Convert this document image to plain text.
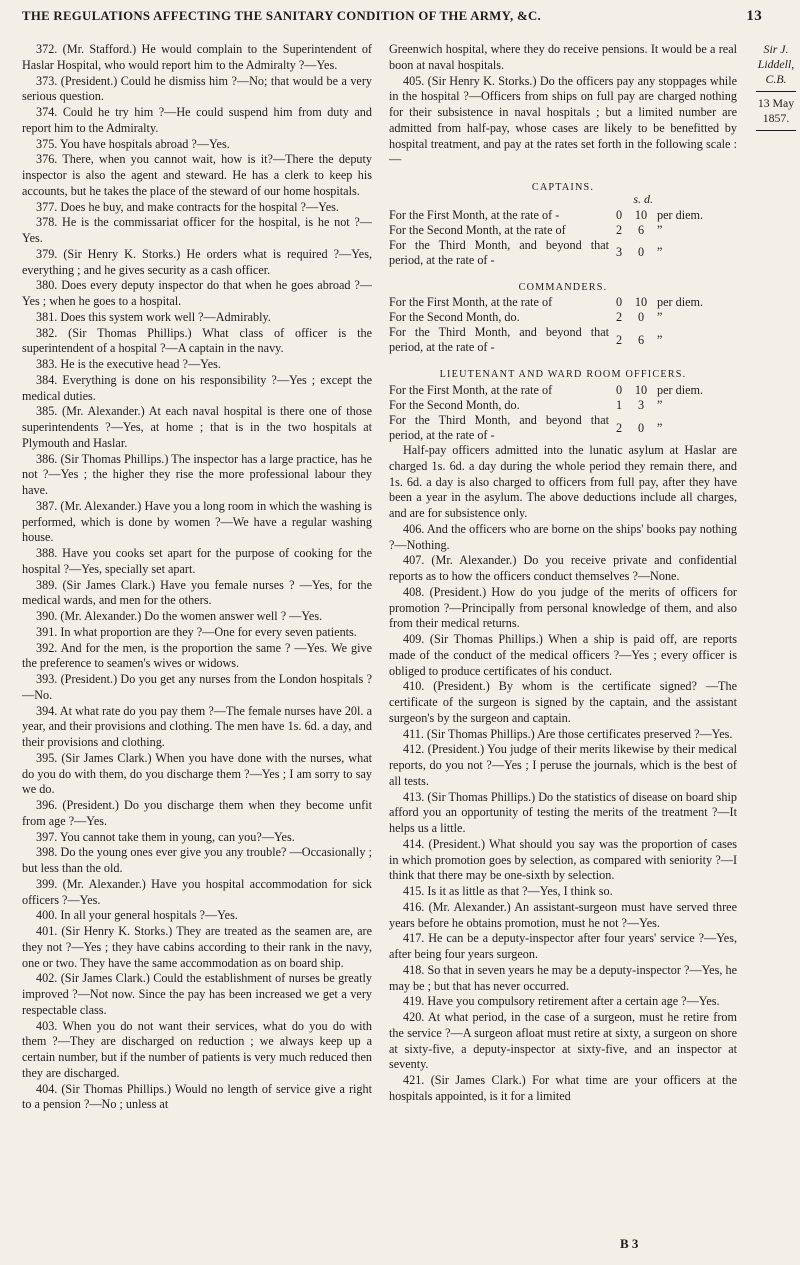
THE REGULATIONS AFFECTING THE SANITARY CONDITION OF THE ARMY, &C.	13

372. (Mr. Stafford.) He would complain to the Superintendent of Haslar Hospital, who would report him to the Admiralty ?—Yes.

373. (President.) Could he dismiss him ?—No; that would be a very serious question.

374. Could he try him ?—He could suspend him from duty and report him to the Admiralty.

375. You have hospitals abroad ?—Yes.

376. There, when you cannot wait, how is it?—There the deputy inspector is also the agent and steward. He has a clerk to keep his accounts, but he takes the place of the steward of our home hospitals.

377. Does he buy, and make contracts for the hospital ?—Yes.

378. He is the commissariat officer for the hospital, is he not ?—Yes.

379. (Sir Henry K. Storks.) He orders what is required ?—Yes, everything ; and he gives security as a cash officer.

380. Does every deputy inspector do that when he goes abroad ?—Yes ; when he goes to a hospital.

381. Does this system work well ?—Admirably.

382. (Sir Thomas Phillips.) What class of officer is the superintendent of a hospital ?—A captain in the navy.

383. He is the executive head ?—Yes.

384. Everything is done on his responsibility ?—Yes ; except the medical duties.

385. (Mr. Alexander.) At each naval hospital is there one of those superintendents ?—Yes, at home ; that is in the two hospitals at Plymouth and Haslar.

386. (Sir Thomas Phillips.) The inspector has a large practice, has he not ?—Yes ; the higher they rise the more professional labour they have.

387. (Mr. Alexander.) Have you a long room in which the washing is performed, which is done by women ?—We have a regular washing house.

388. Have you cooks set apart for the purpose of cooking for the hospital ?—Yes, specially set apart.

389. (Sir James Clark.) Have you female nurses ? —Yes, for the medical wards, and men for the others.

390. (Mr. Alexander.) Do the women answer well ? —Yes.

391. In what proportion are they ?—One for every seven patients.

392. And for the men, is the proportion the same ? —Yes. We give the preference to seamen's wives or widows.

393. (President.) Do you get any nurses from the London hospitals ?—No.

394. At what rate do you pay them ?—The female nurses have 20l. a year, and their provisions and clothing. The men have 1s. 6d. a day, and their provisions and clothing.

395. (Sir James Clark.) When you have done with the nurses, what do you do with them, do you discharge them ?—Yes ; I am sorry to say we do.

396. (President.) Do you discharge them when they become unfit from age ?—Yes.

397. You cannot take them in young, can you?—Yes.

398. Do the young ones ever give you any trouble? —Occasionally ; but less than the old.

399. (Mr. Alexander.) Have you hospital accommodation for sick officers ?—Yes.

400. In all your general hospitals ?—Yes.

401. (Sir Henry K. Storks.) They are treated as the seamen are, are they not ?—Yes ; they have cabins according to their rank in the navy, one or two. They have the same accommodation as on board ship.

402. (Sir James Clark.) Could the establishment of nurses be greatly improved ?—Not now. Since the pay has been increased we get a very respectable class.

403. When you do not want their services, what do you do with them ?—They are discharged on reduction ; we always keep up a certain number, but if the number of patients is very much reduced then they are discharged.

404. (Sir Thomas Phillips.) Would no length of service give a right to a pension ?—No ; unless at

Greenwich hospital, where they do receive pensions. It would be a real boon at naval hospitals.

405. (Sir Henry K. Storks.) Do the officers pay any stoppages while in the hospital ?—Officers from ships on full pay are charged nothing for their subsistence in naval hospitals ; but a limited number are admitted from half-pay, whose cases are likely to be benefitted by hospital treatment, and pay at the rates set forth in the following scale :—

CAPTAINS.
s. d.
For the First Month, at the rate of -	0	10	per diem.
For the Second Month, at the rate of	2	6	”
For the Third Month, and beyond that period, at the rate of -	3	0	”
COMMANDERS.
For the First Month, at the rate of	0	10	per diem.
For the Second Month, do.	2	0	”
For the Third Month, and beyond that period, at the rate of -	2	6	”
LIEUTENANT AND WARD ROOM OFFICERS.
For the First Month, at the rate of	0	10	per diem.
For the Second Month, do.	1	3	”
For the Third Month, and beyond that period, at the rate of -	2	0	”

Half-pay officers admitted into the lunatic asylum at Haslar are charged 1s. 6d. a day during the whole period they remain there, and 1s. 6d. a day is also charged to officers from full pay, after they have been a year in the asylum. The above deductions include all charges, and are for subsistence only.

406. And the officers who are borne on the ships' books pay nothing ?—Nothing.

407. (Mr. Alexander.) Do you receive private and confidential reports as to how the officers conduct themselves ?—None.

408. (President.) How do you judge of the merits of officers for promotion ?—Principally from personal knowledge of them, and also from their medical returns.

409. (Sir Thomas Phillips.) When a ship is paid off, are reports made of the conduct of the medical officers ?—Yes ; every officer is obliged to produce certificates of his conduct.

410. (President.) By whom is the certificate signed? —The certificate of the surgeon is signed by the captain, and the assistant surgeon's by the surgeon and captain.

411. (Sir Thomas Phillips.) Are those certificates preserved ?—Yes.

412. (President.) You judge of their merits likewise by their medical reports, do you not ?—Yes ; I peruse the journals, which is the best of all tests.

413. (Sir Thomas Phillips.) Do the statistics of disease on board ship afford you an opportunity of testing the merits of the treatment ?—It helps us a little.

414. (President.) What should you say was the proportion of cases in which promotion goes by selection, as compared with seniority ?—I think that there may be one-sixth by selection.

415. Is it as little as that ?—Yes, I think so.

416. (Mr. Alexander.) An assistant-surgeon must have served three years before he obtains promotion, must he not ?—Yes.

417. He can be a deputy-inspector after four years' service ?—Yes, after being four years surgeon.

418. So that in seven years he may be a deputy-inspector ?—Yes, he may be ; but that has never occurred.

419. Have you compulsory retirement after a certain age ?—Yes.

420. At what period, in the case of a surgeon, must he retire from the service ?—A surgeon afloat must retire at sixty, a surgeon on shore at sixty-five, a deputy-inspector at sixty-five, and an inspector at seventy.

421. (Sir James Clark.) For what time are your officers at the hospitals appointed, is it for a limited

Sir J. Liddell, C.B.
13 May 1857.
B 3
